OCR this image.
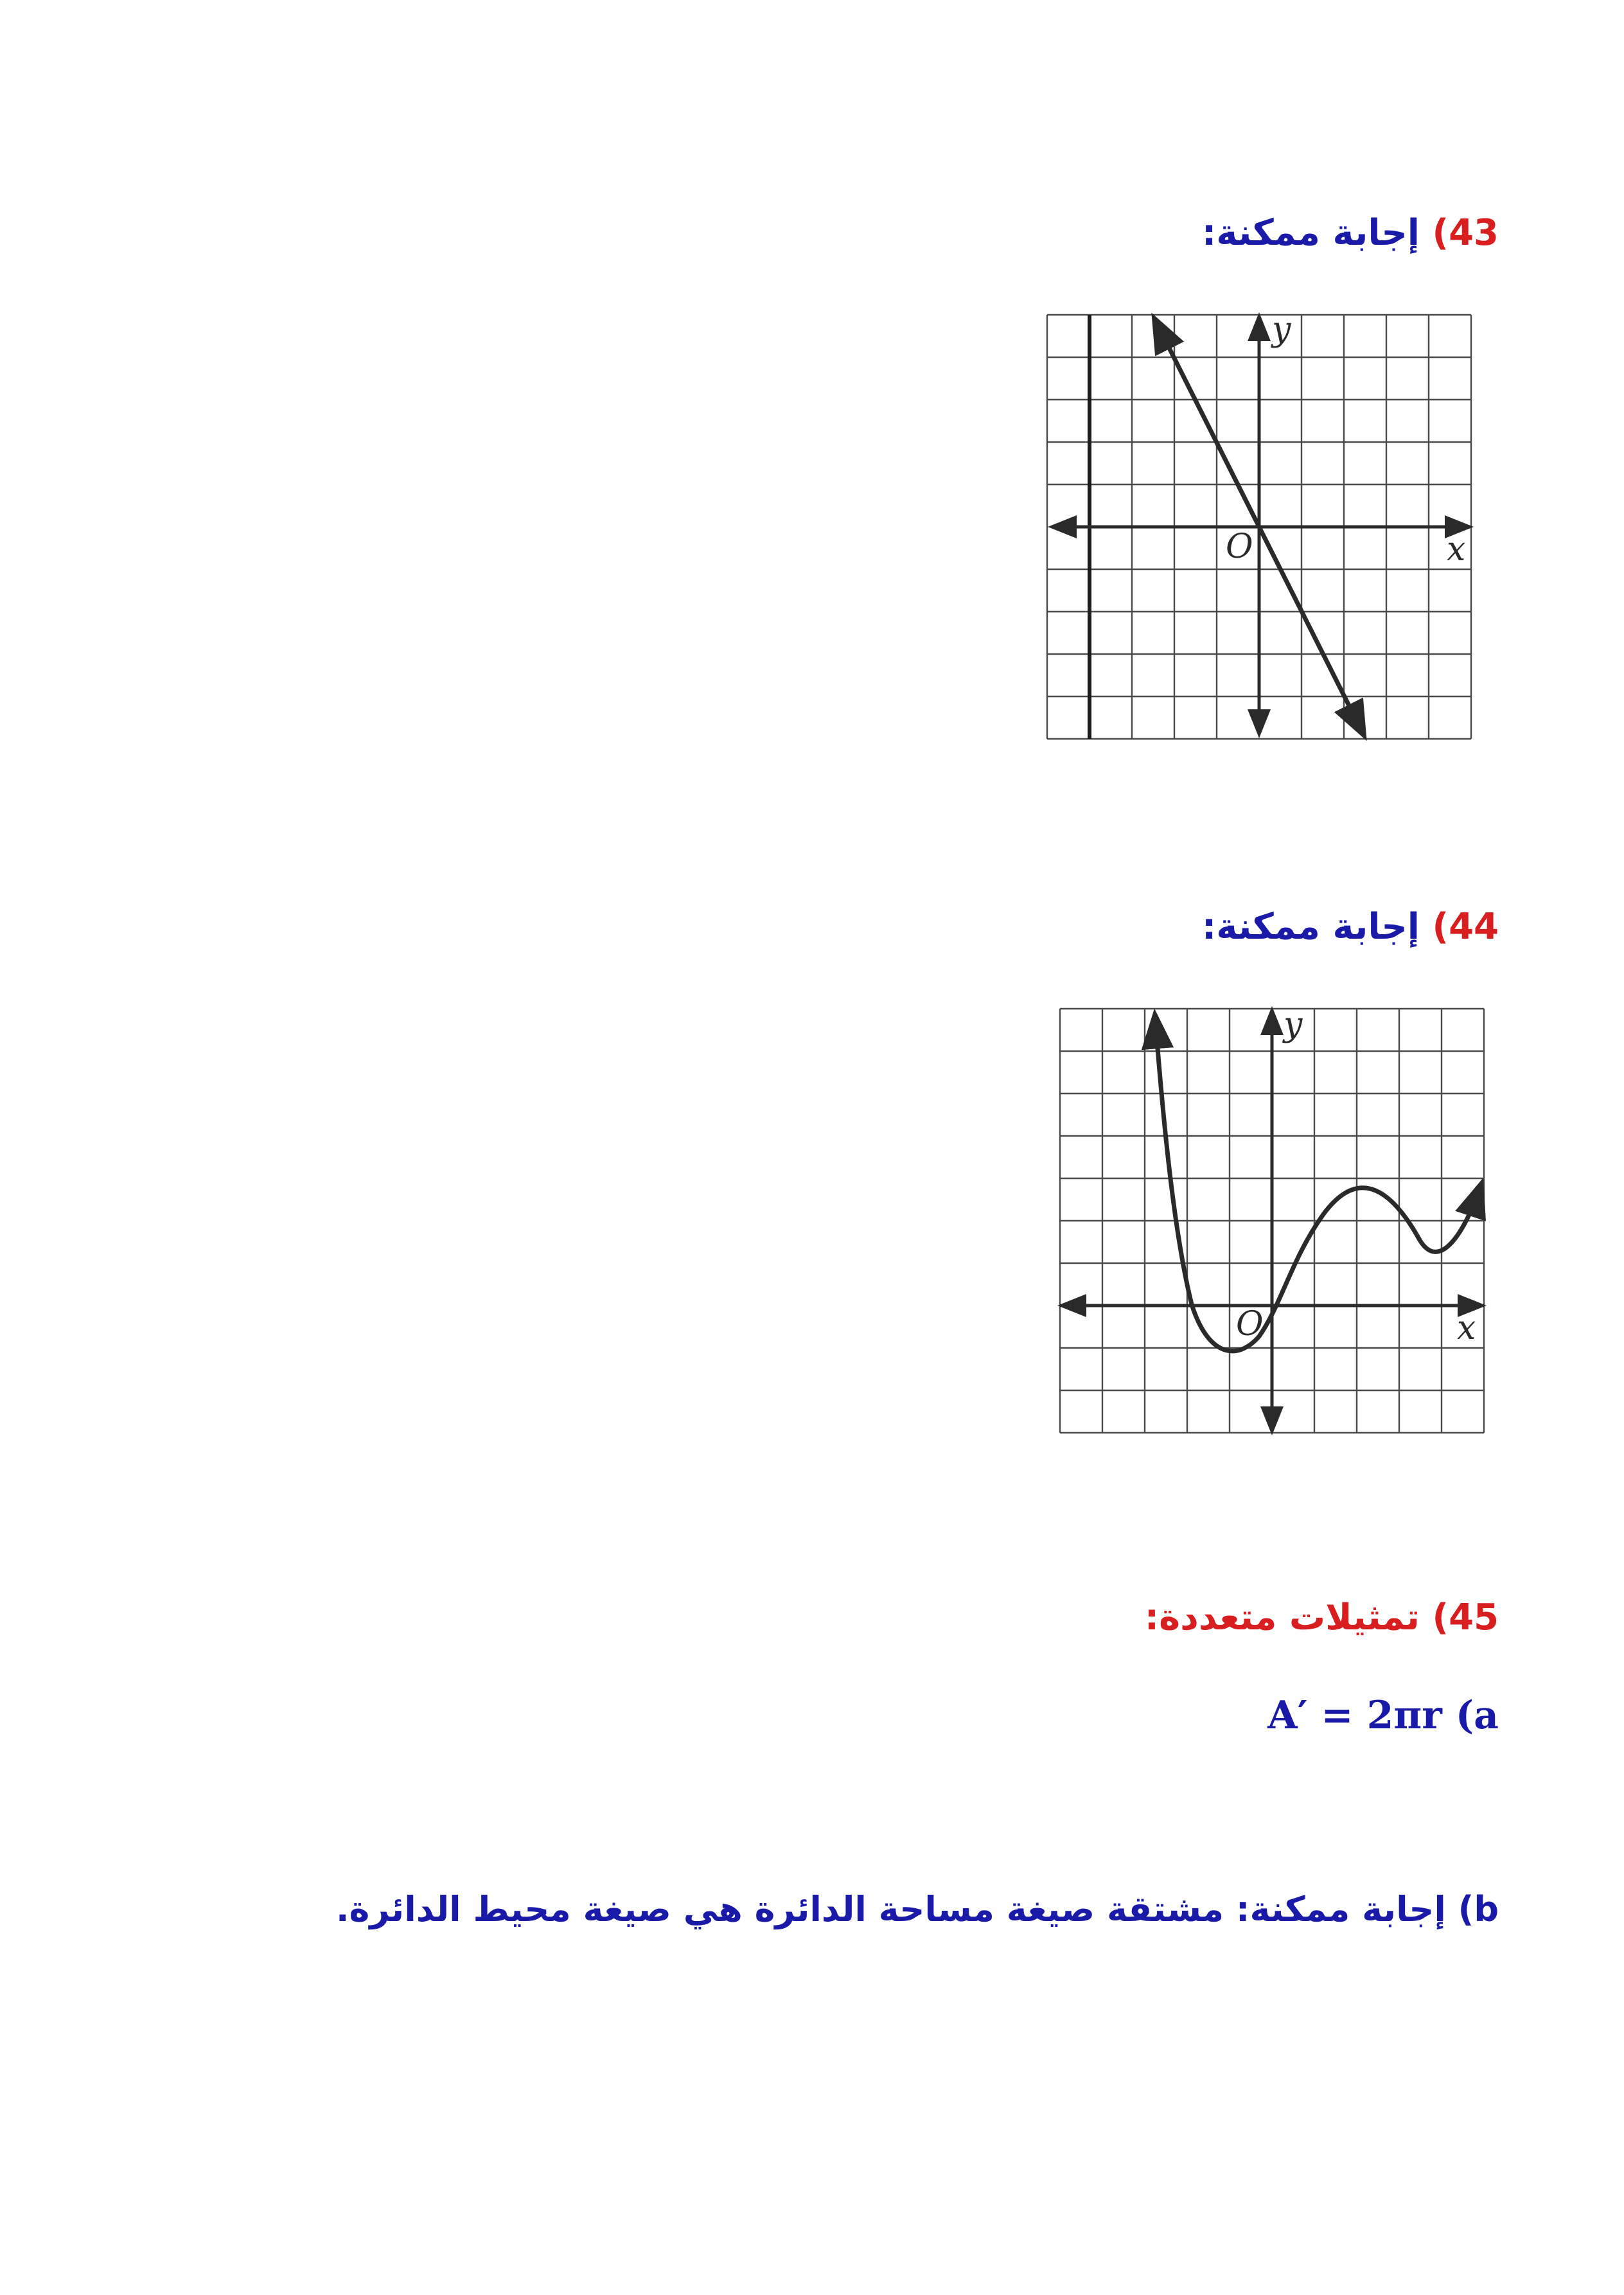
43) إجابة ممكنة:
y
x
O
44) إجابة ممكنة:
y
x
O
45) تمثيلات متعددة:
A′ = 2πr (a
b) إجابة ممكنة: مشتقة صيغة مساحة الدائرة هي صيغة محيط الدائرة.
